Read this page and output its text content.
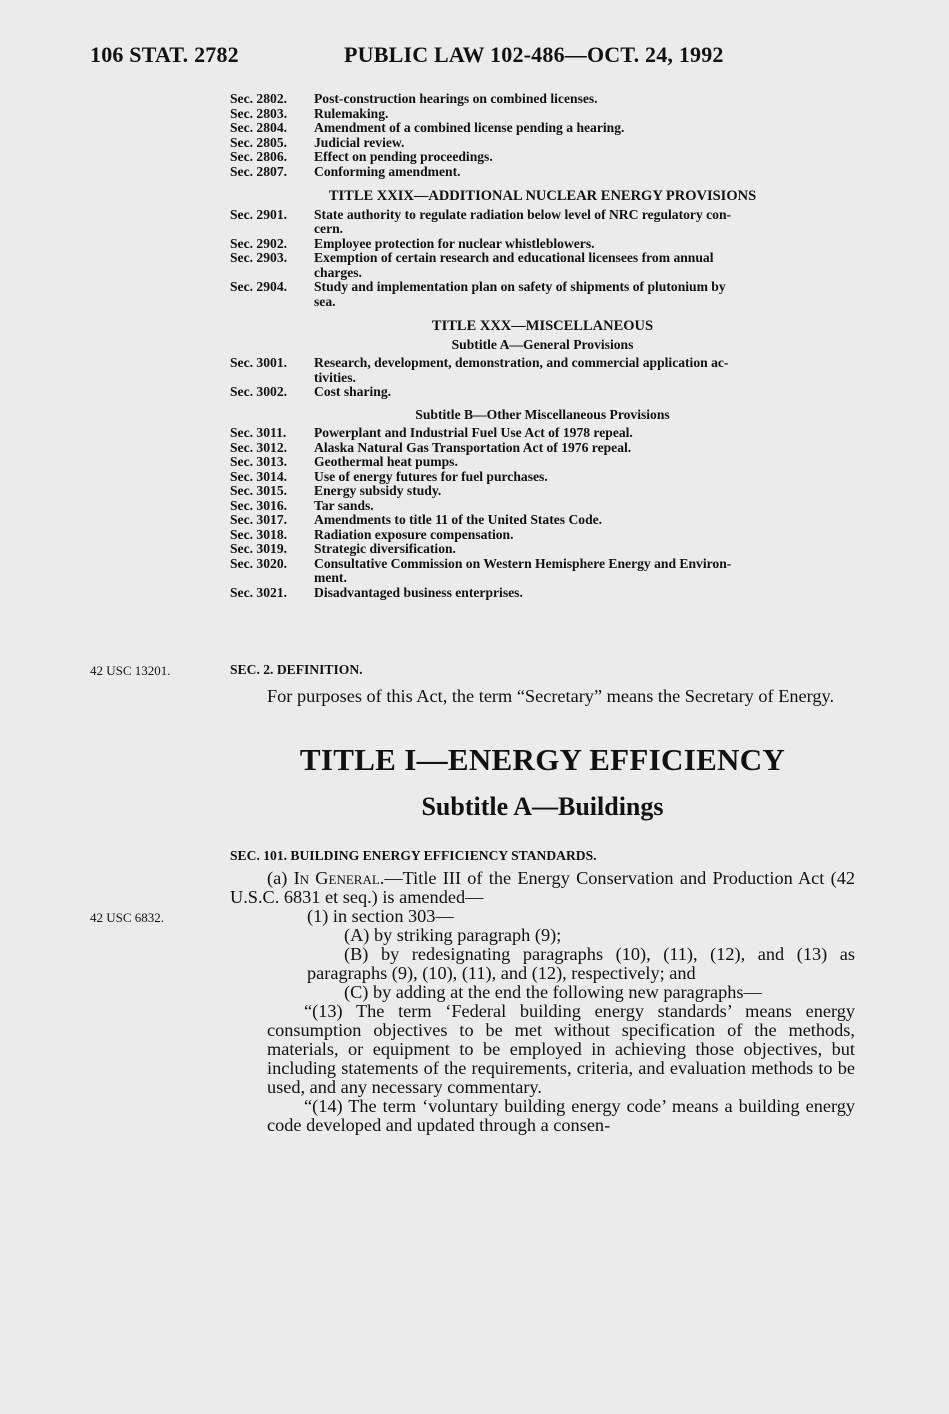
106 STAT. 2782	PUBLIC LAW 102-486—OCT. 24, 1992
Sec. 2802.	Post-construction hearings on combined licenses.
Sec. 2803.	Rulemaking.
Sec. 2804.	Amendment of a combined license pending a hearing.
Sec. 2805.	Judicial review.
Sec. 2806.	Effect on pending proceedings.
Sec. 2807.	Conforming amendment.
TITLE XXIX—ADDITIONAL NUCLEAR ENERGY PROVISIONS
Sec. 2901.	State authority to regulate radiation below level of NRC regulatory con-
cern.
Sec. 2902.	Employee protection for nuclear whistleblowers.
Sec. 2903.	Exemption of certain research and educational licensees from annual
charges.
Sec. 2904.	Study and implementation plan on safety of shipments of plutonium by
sea.
TITLE XXX—MISCELLANEOUS
Subtitle A—General Provisions
Sec. 3001.	Research, development, demonstration, and commercial application ac-
tivities.
Sec. 3002.	Cost sharing.
Subtitle B—Other Miscellaneous Provisions
Sec. 3011.	Powerplant and Industrial Fuel Use Act of 1978 repeal.
Sec. 3012.	Alaska Natural Gas Transportation Act of 1976 repeal.
Sec. 3013.	Geothermal heat pumps.
Sec. 3014.	Use of energy futures for fuel purchases.
Sec. 3015.	Energy subsidy study.
Sec. 3016.	Tar sands.
Sec. 3017.	Amendments to title 11 of the United States Code.
Sec. 3018.	Radiation exposure compensation.
Sec. 3019.	Strategic diversification.
Sec. 3020.	Consultative Commission on Western Hemisphere Energy and Environ-
ment.
Sec. 3021.	Disadvantaged business enterprises.
42 USC 13201.	SEC. 2. DEFINITION.
For purposes of this Act, the term “Secretary” means the Secretary of Energy.
TITLE I—ENERGY EFFICIENCY
Subtitle A—Buildings
SEC. 101. BUILDING ENERGY EFFICIENCY STANDARDS.
42 USC 6832.
(a) In General.—Title III of the Energy Conservation and Production Act (42 U.S.C. 6831 et seq.) is amended—
(1) in section 303—
(A) by striking paragraph (9);
(B) by redesignating paragraphs (10), (11), (12), and (13) as paragraphs (9), (10), (11), and (12), respectively; and
(C) by adding at the end the following new paragraphs—
“(13) The term ‘Federal building energy standards’ means energy consumption objectives to be met without specification of the methods, materials, or equipment to be employed in achieving those objectives, but including statements of the requirements, criteria, and evaluation methods to be used, and any necessary commentary.
“(14) The term ‘voluntary building energy code’ means a building energy code developed and updated through a consen-
